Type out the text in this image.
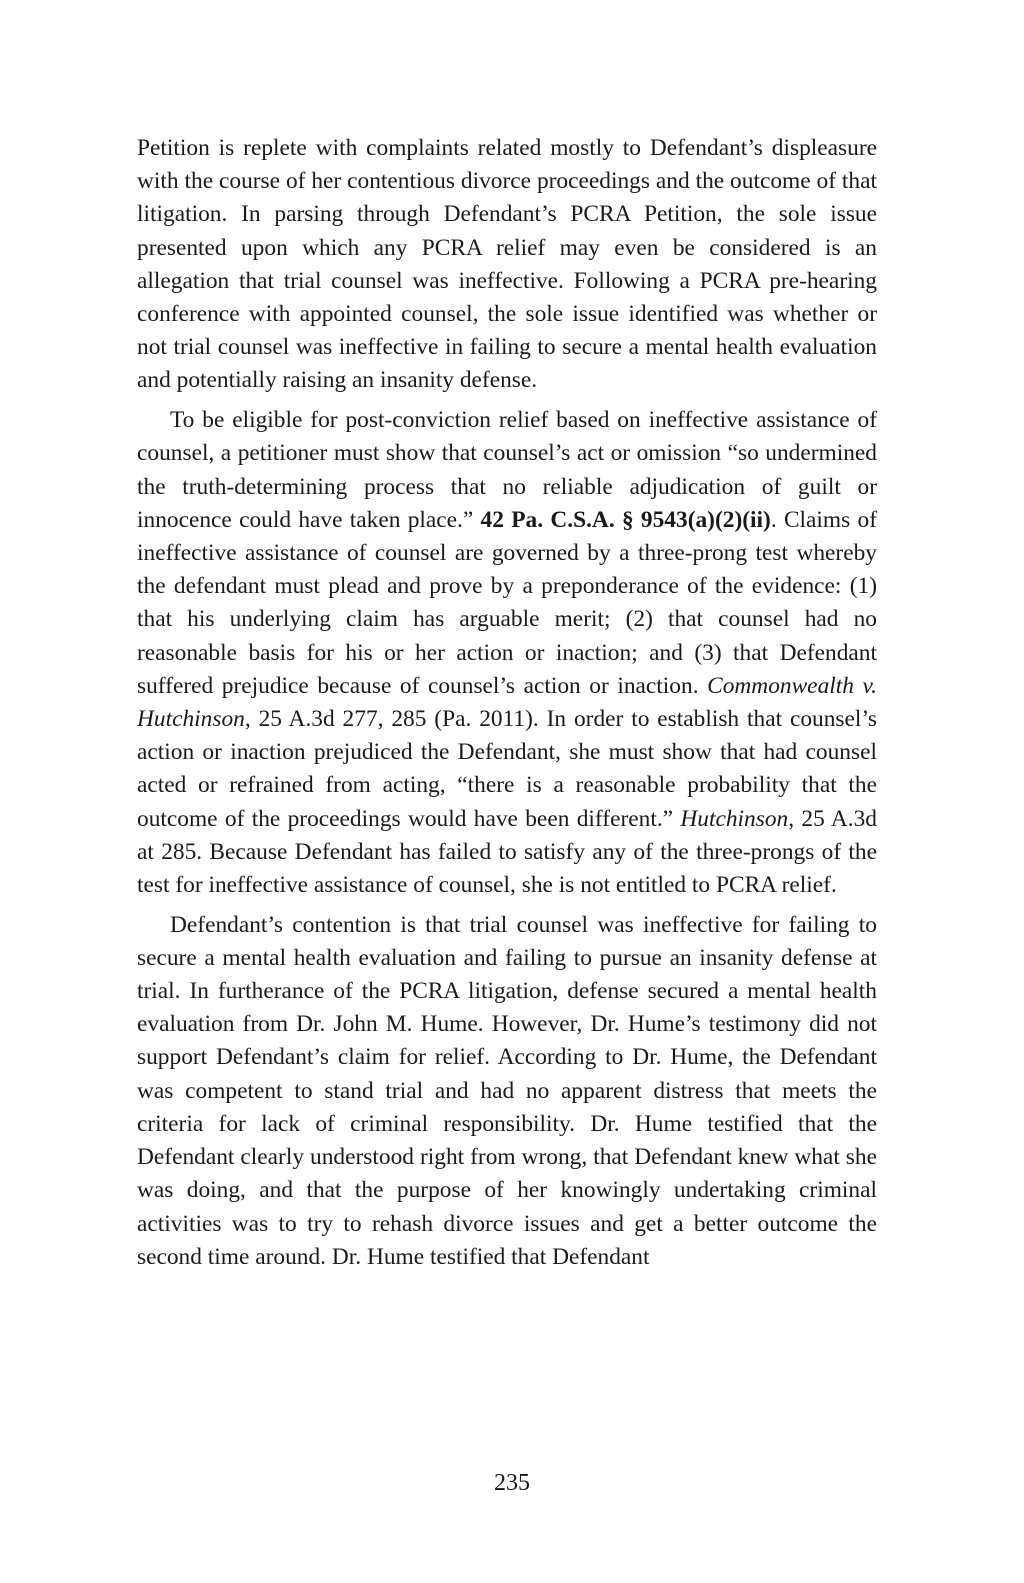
Petition is replete with complaints related mostly to Defendant’s displeasure with the course of her contentious divorce proceedings and the outcome of that litigation. In parsing through Defendant’s PCRA Petition, the sole issue presented upon which any PCRA relief may even be considered is an allegation that trial counsel was ineffective. Following a PCRA pre-hearing conference with appointed counsel, the sole issue identified was whether or not trial counsel was ineffective in failing to secure a mental health evaluation and potentially raising an insanity defense.

To be eligible for post-conviction relief based on ineffective assistance of counsel, a petitioner must show that counsel’s act or omission “so undermined the truth-determining process that no reliable adjudication of guilt or innocence could have taken place.” 42 Pa. C.S.A. § 9543(a)(2)(ii). Claims of ineffective assistance of counsel are governed by a three-prong test whereby the defendant must plead and prove by a preponderance of the evidence: (1) that his underlying claim has arguable merit; (2) that counsel had no reasonable basis for his or her action or inaction; and (3) that Defendant suffered prejudice because of counsel’s action or inaction. Commonwealth v. Hutchinson, 25 A.3d 277, 285 (Pa. 2011). In order to establish that counsel’s action or inaction prejudiced the Defendant, she must show that had counsel acted or refrained from acting, “there is a reasonable probability that the outcome of the proceedings would have been different.” Hutchinson, 25 A.3d at 285. Because Defendant has failed to satisfy any of the three-prongs of the test for ineffective assistance of counsel, she is not entitled to PCRA relief.

Defendant’s contention is that trial counsel was ineffective for failing to secure a mental health evaluation and failing to pursue an insanity defense at trial. In furtherance of the PCRA litigation, defense secured a mental health evaluation from Dr. John M. Hume. However, Dr. Hume’s testimony did not support Defendant’s claim for relief. According to Dr. Hume, the Defendant was competent to stand trial and had no apparent distress that meets the criteria for lack of criminal responsibility. Dr. Hume testified that the Defendant clearly understood right from wrong, that Defendant knew what she was doing, and that the purpose of her knowingly undertaking criminal activities was to try to rehash divorce issues and get a better outcome the second time around. Dr. Hume testified that Defendant

235
